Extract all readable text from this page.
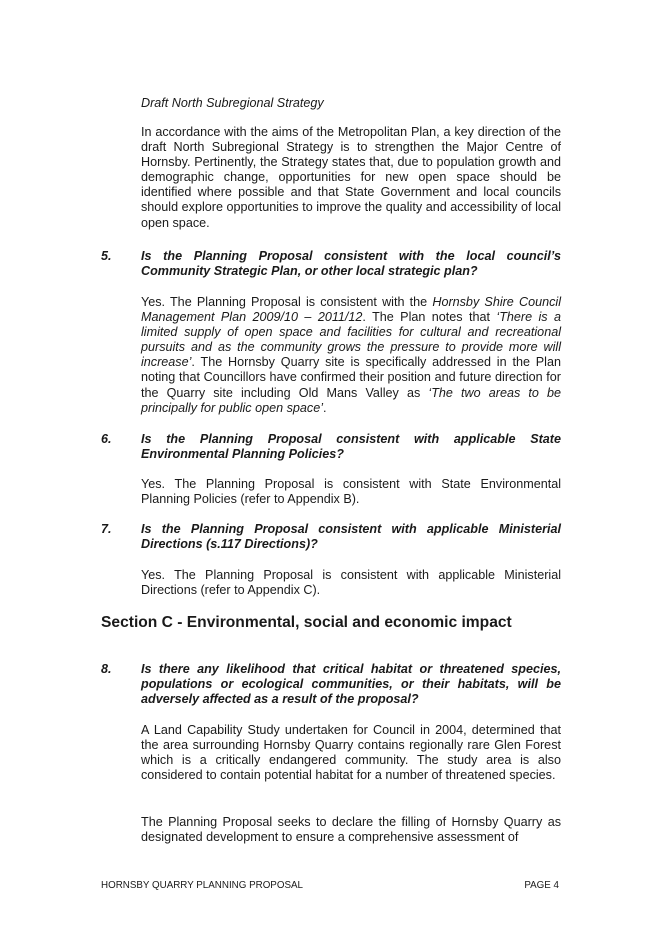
Draft North Subregional Strategy

In accordance with the aims of the Metropolitan Plan, a key direction of the draft North Subregional Strategy is to strengthen the Major Centre of Hornsby. Pertinently, the Strategy states that, due to population growth and demographic change, opportunities for new open space should be identified where possible and that State Government and local councils should explore opportunities to improve the quality and accessibility of local open space.

5. Is the Planning Proposal consistent with the local council’s Community Strategic Plan, or other local strategic plan?

Yes. The Planning Proposal is consistent with the Hornsby Shire Council Management Plan 2009/10 – 2011/12. The Plan notes that ‘There is a limited supply of open space and facilities for cultural and recreational pursuits and as the community grows the pressure to provide more will increase’. The Hornsby Quarry site is specifically addressed in the Plan noting that Councillors have confirmed their position and future direction for the Quarry site including Old Mans Valley as ‘The two areas to be principally for public open space’.

6. Is the Planning Proposal consistent with applicable State Environmental Planning Policies?

Yes. The Planning Proposal is consistent with State Environmental Planning Policies (refer to Appendix B).

7. Is the Planning Proposal consistent with applicable Ministerial Directions (s.117 Directions)?

Yes. The Planning Proposal is consistent with applicable Ministerial Directions (refer to Appendix C).

Section C - Environmental, social and economic impact
8. Is there any likelihood that critical habitat or threatened species, populations or ecological communities, or their habitats, will be adversely affected as a result of the proposal?

A Land Capability Study undertaken for Council in 2004, determined that the area surrounding Hornsby Quarry contains regionally rare Glen Forest which is a critically endangered community. The study area is also considered to contain potential habitat for a number of threatened species.

The Planning Proposal seeks to declare the filling of Hornsby Quarry as designated development to ensure a comprehensive assessment of

HORNSBY QUARRY PLANNING PROPOSAL	PAGE 4
